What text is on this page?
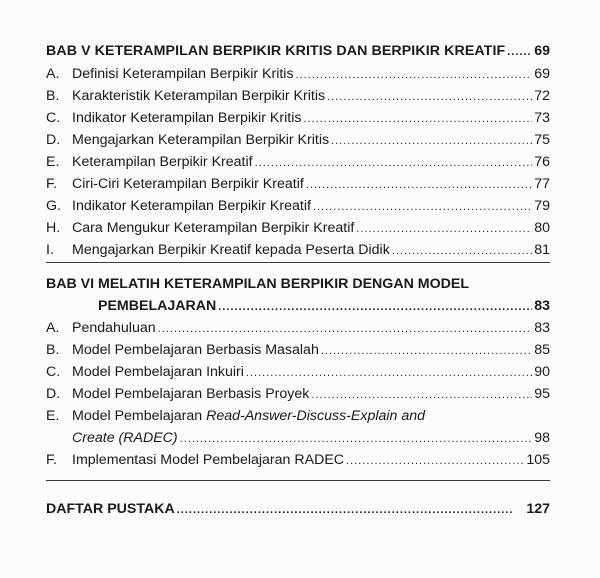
BAB V KETERAMPILAN BERPIKIR KRITIS DAN BERPIKIR KREATIF ..... 69
A. Definisi Keterampilan Berpikir Kritis .....	69
B. Karakteristik Keterampilan Berpikir Kritis .....	72
C. Indikator Keterampilan Berpikir Kritis .....	73
D. Mengajarkan Keterampilan Berpikir Kritis .....	75
E. Keterampilan Berpikir Kreatif .....	76
F.	Ciri-Ciri Keterampilan Berpikir Kreatif .....	77
G. Indikator Keterampilan Berpikir Kreatif .....	79
H. Cara Mengukur Keterampilan Berpikir Kreatif .....	80
I.	Mengajarkan Berpikir Kreatif kepada Peserta Didik .....	81
BAB VI MELATIH KETERAMPILAN BERPIKIR DENGAN MODEL
PEMBELAJARAN .....	83
A. Pendahuluan .....	83
B. Model Pembelajaran Berbasis Masalah .....	85
C. Model Pembelajaran Inkuiri .....	90
D. Model Pembelajaran Berbasis Proyek .....	95
E. Model Pembelajaran Read-Answer-Discuss-Explain and
Create (RADEC) .....	98
F.	Implementasi Model Pembelajaran RADEC .....	105
DAFTAR PUSTAKA .....	127
